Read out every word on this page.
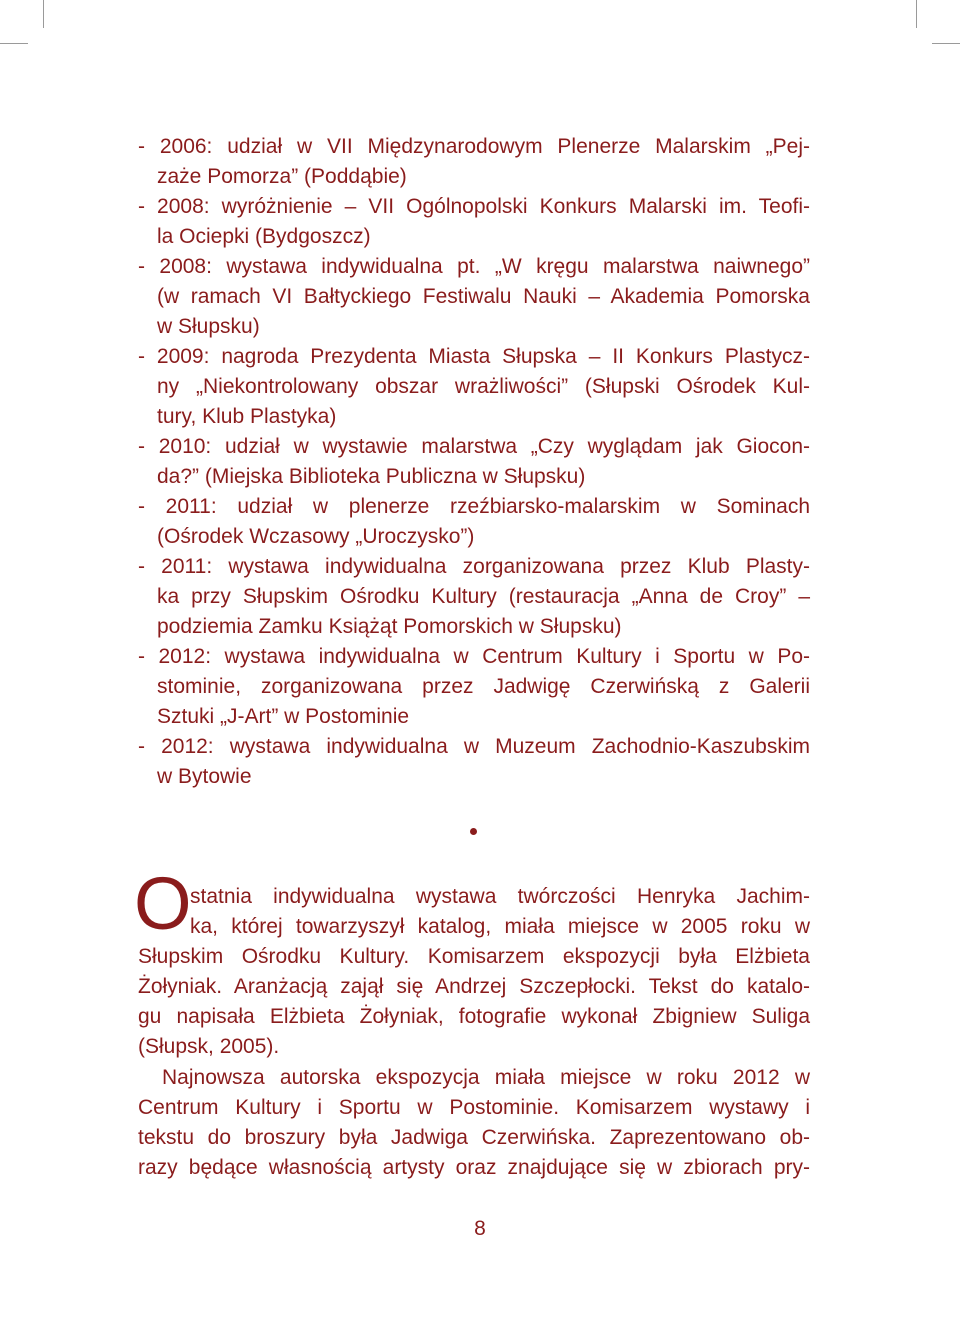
- 2006: udział w VII Międzynarodowym Plenerze Malarskim „Pej-
zaże Pomorza” (Poddąbie)
- 2008: wyróżnienie – VII Ogólnopolski Konkurs Malarski im. Teofi-
la Ociepki (Bydgoszcz)
- 2008: wystawa indywidualna pt. „W kręgu malarstwa naiwnego”
(w ramach VI Bałtyckiego Festiwalu Nauki – Akademia Pomorska
w Słupsku)
- 2009: nagroda Prezydenta Miasta Słupska – II Konkurs Plastycz-
ny „Niekontrolowany obszar wrażliwości” (Słupski Ośrodek Kul-
tury, Klub Plastyka)
- 2010: udział w wystawie malarstwa „Czy wyglądam jak Giocon-
da?” (Miejska Biblioteka Publiczna w Słupsku)
- 2011: udział w plenerze rzeźbiarsko-malarskim w Sominach
(Ośrodek Wczasowy „Uroczysko”)
- 2011: wystawa indywidualna zorganizowana przez Klub Plasty-
ka przy Słupskim Ośrodku Kultury (restauracja „Anna de Croy” –
podziemia Zamku Książąt Pomorskich w Słupsku)
- 2012: wystawa indywidualna w Centrum Kultury i Sportu w Po-
stominie, zorganizowana przez Jadwigę Czerwińską z Galerii
Sztuki „J-Art” w Postominie
- 2012: wystawa indywidualna w Muzeum Zachodnio-Kaszubskim
w Bytowie
O
statnia indywidualna wystawa twórczości Henryka Jachim-
ka, której towarzyszył katalog, miała miejsce w 2005 roku w
Słupskim Ośrodku Kultury. Komisarzem ekspozycji była Elżbieta
Żołyniak. Aranżacją zajął się Andrzej Szczepłocki. Tekst do katalo-
gu napisała Elżbieta Żołyniak, fotografie wykonał Zbigniew Suliga
(Słupsk, 2005).
Najnowsza autorska ekspozycja miała miejsce w roku 2012 w
Centrum Kultury i Sportu w Postominie. Komisarzem wystawy i
tekstu do broszury była Jadwiga Czerwińska. Zaprezentowano ob-
razy będące własnością artysty oraz znajdujące się w zbiorach pry-
8
